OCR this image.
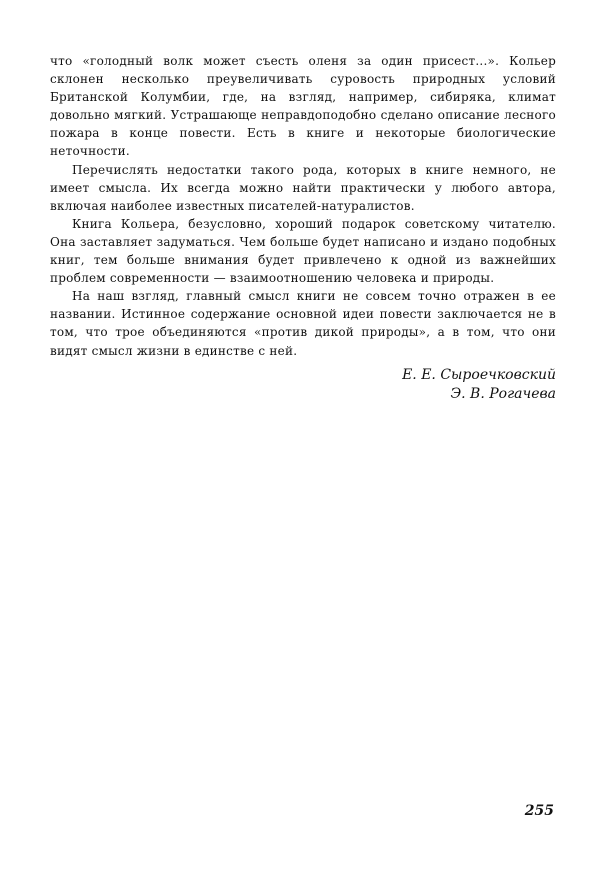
что «голодный волк может съесть оленя за один присест...». Кольер склонен несколько преувеличивать суровость природных условий Британской Колумбии, где, на взгляд, например, сибиряка, климат довольно мягкий. Устрашающе неправдоподобно сделано описание лесного пожара в конце повести. Есть в книге и некоторые биологические неточности.

Перечислять недостатки такого рода, которых в книге немного, не имеет смысла. Их всегда можно найти практически у любого автора, включая наиболее известных писателей-натуралистов.

Книга Кольера, безусловно, хороший подарок советскому читателю. Она заставляет задуматься. Чем больше будет написано и издано подобных книг, тем больше внимания будет привлечено к одной из важнейших проблем современности — взаимоотношению человека и природы.

На наш взгляд, главный смысл книги не совсем точно отражен в ее названии. Истинное содержание основной идеи повести заключается не в том, что трое объединяются «против дикой природы», а в том, что они видят смысл жизни в единстве с ней.

Е. Е. Сыроечковский
Э. В. Рогачева
255
